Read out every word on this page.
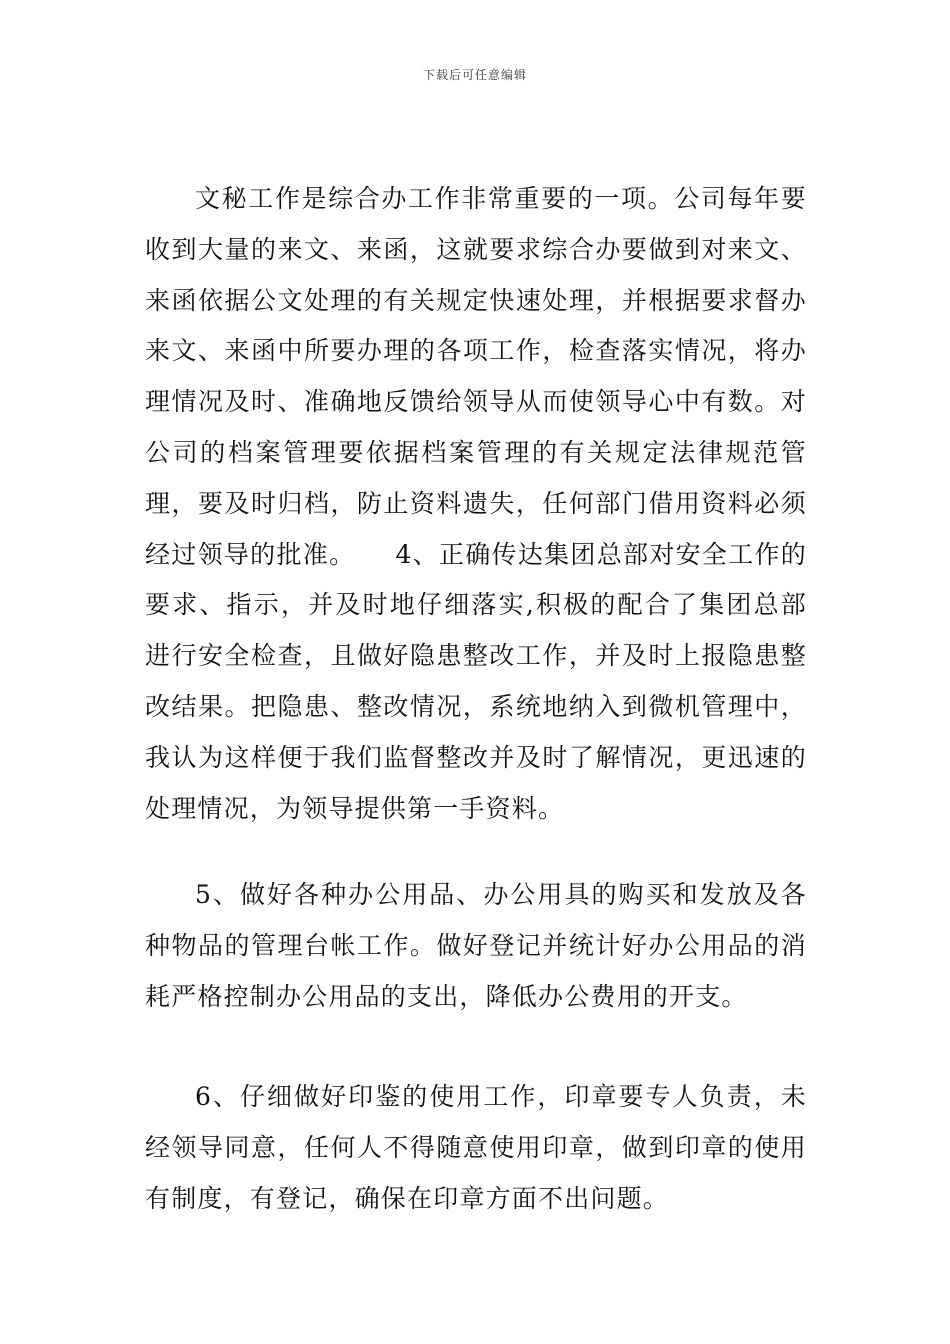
下载后可任意编辑

文秘工作是综合办工作非常重要的一项。公司每年要收到大量的来文、来函，这就要求综合办要做到对来文、来函依据公文处理的有关规定快速处理，并根据要求督办来文、来函中所要办理的各项工作，检查落实情况，将办理情况及时、准确地反馈给领导从而使领导心中有数。对公司的档案管理要依据档案管理的有关规定法律规范管理，要及时归档，防止资料遗失，任何部门借用资料必须经过领导的批准。　　4、正确传达集团总部对安全工作的要求、指示，并及时地仔细落实,积极的配合了集团总部进行安全检查，且做好隐患整改工作，并及时上报隐患整改结果。把隐患、整改情况，系统地纳入到微机管理中，我认为这样便于我们监督整改并及时了解情况，更迅速的处理情况，为领导提供第一手资料。

5、做好各种办公用品、办公用具的购买和发放及各种物品的管理台帐工作。做好登记并统计好办公用品的消耗严格控制办公用品的支出，降低办公费用的开支。

6、仔细做好印鉴的使用工作，印章要专人负责，未经领导同意，任何人不得随意使用印章，做到印章的使用有制度，有登记，确保在印章方面不出问题。
